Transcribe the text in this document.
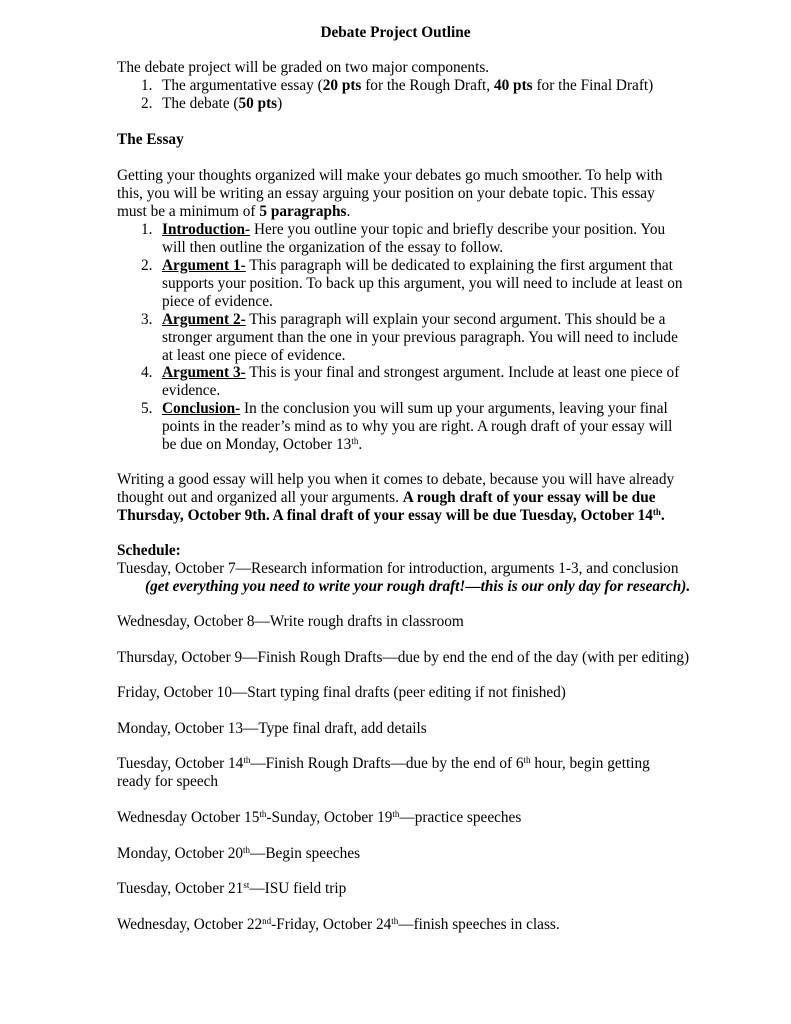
Debate Project Outline
The debate project will be graded on two major components.
1. The argumentative essay (20 pts for the Rough Draft, 40 pts for the Final Draft)
2. The debate (50 pts)
The Essay
Getting your thoughts organized will make your debates go much smoother. To help with
this, you will be writing an essay arguing your position on your debate topic. This essay
must be a minimum of 5 paragraphs.
1. Introduction- Here you outline your topic and briefly describe your position. You
will then outline the organization of the essay to follow.
2. Argument 1- This paragraph will be dedicated to explaining the first argument that
supports your position. To back up this argument, you will need to include at least on
piece of evidence.
3. Argument 2- This paragraph will explain your second argument. This should be a
stronger argument than the one in your previous paragraph. You will need to include
at least one piece of evidence.
4. Argument 3- This is your final and strongest argument. Include at least one piece of
evidence.
5. Conclusion- In the conclusion you will sum up your arguments, leaving your final
points in the reader’s mind as to why you are right. A rough draft of your essay will
be due on Monday, October 13th.
Writing a good essay will help you when it comes to debate, because you will have already
thought out and organized all your arguments. A rough draft of your essay will be due
Thursday, October 9th. A final draft of your essay will be due Tuesday, October 14th.
Schedule:
Tuesday, October 7—Research information for introduction, arguments 1-3, and conclusion
(get everything you need to write your rough draft!—this is our only day for research).
Wednesday, October 8—Write rough drafts in classroom
Thursday, October 9—Finish Rough Drafts—due by end the end of the day (with per editing)
Friday, October 10—Start typing final drafts (peer editing if not finished)
Monday, October 13—Type final draft, add details
Tuesday, October 14th—Finish Rough Drafts—due by the end of 6th hour, begin getting
ready for speech
Wednesday October 15th-Sunday, October 19th—practice speeches
Monday, October 20th—Begin speeches
Tuesday, October 21st—ISU field trip
Wednesday, October 22nd-Friday, October 24th—finish speeches in class.
